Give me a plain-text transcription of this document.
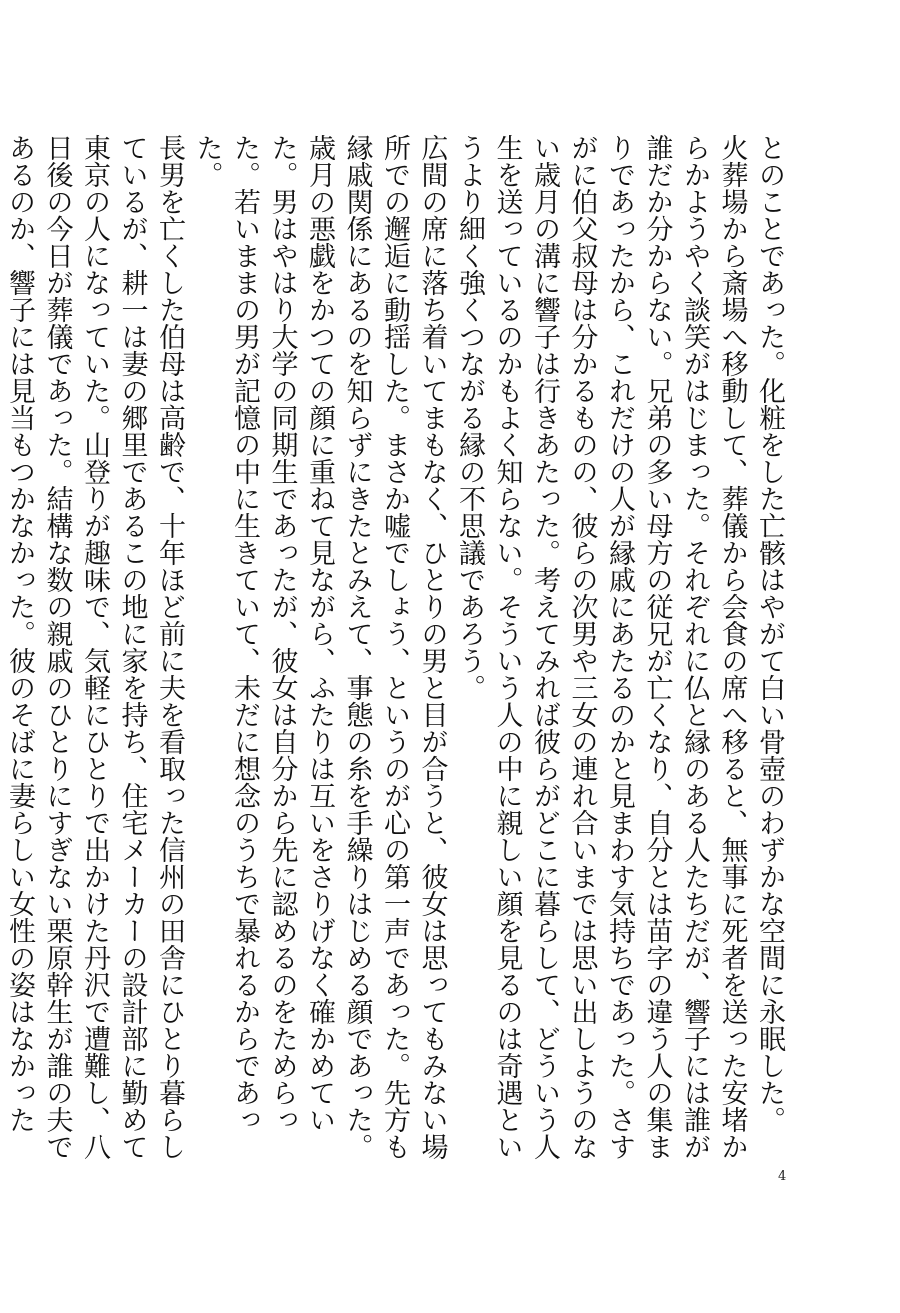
とのことであった。化粧をした亡骸はやがて白い骨壺のわずかな空間に永眠した。

火葬場から斎場へ移動して、葬儀から会食の席へ移ると、無事に死者を送った安堵からかようやく談笑がはじまった。それぞれに仏と縁のある人たちだが、響子には誰が誰だか分からない。兄弟の多い母方の従兄が亡くなり、自分とは苗字の違う人の集まりであったから、これだけの人が縁戚にあたるのかと見まわす気持ちであった。さすがに伯父叔母は分かるものの、彼らの次男や三女の連れ合いまでは思い出しようのない歳月の溝に響子は行きあたった。考えてみれば彼らがどこに暮らして、どういう人生を送っているのかもよく知らない。そういう人の中に親しい顔を見るのは奇遇というより細く強くつながる縁の不思議であろう。

広間の席に落ち着いてまもなく、ひとりの男と目が合うと、彼女は思ってもみない場所での邂逅に動揺した。まさか嘘でしょう、というのが心の第一声であった。先方も縁戚関係にあるのを知らずにきたとみえて、事態の糸を手繰りはじめる顔であった。歳月の悪戯をかつての顔に重ねて見ながら、ふたりは互いをさりげなく確かめていた。男はやはり大学の同期生であったが、彼女は自分から先に認めるのをためらった。若いままの男が記憶の中に生きていて、未だに想念のうちで暴れるからであった。

長男を亡くした伯母は高齢で、十年ほど前に夫を看取った信州の田舎にひとり暮らしているが、耕一は妻の郷里であるこの地に家を持ち、住宅メーカーの設計部に勤めて東京の人になっていた。山登りが趣味で、気軽にひとりで出かけた丹沢で遭難し、八日後の今日が葬儀であった。結構な数の親戚のひとりにすぎない栗原幹生が誰の夫であるのか、響子には見当もつかなかった。彼のそばに妻らしい女性の姿はなかった

4
